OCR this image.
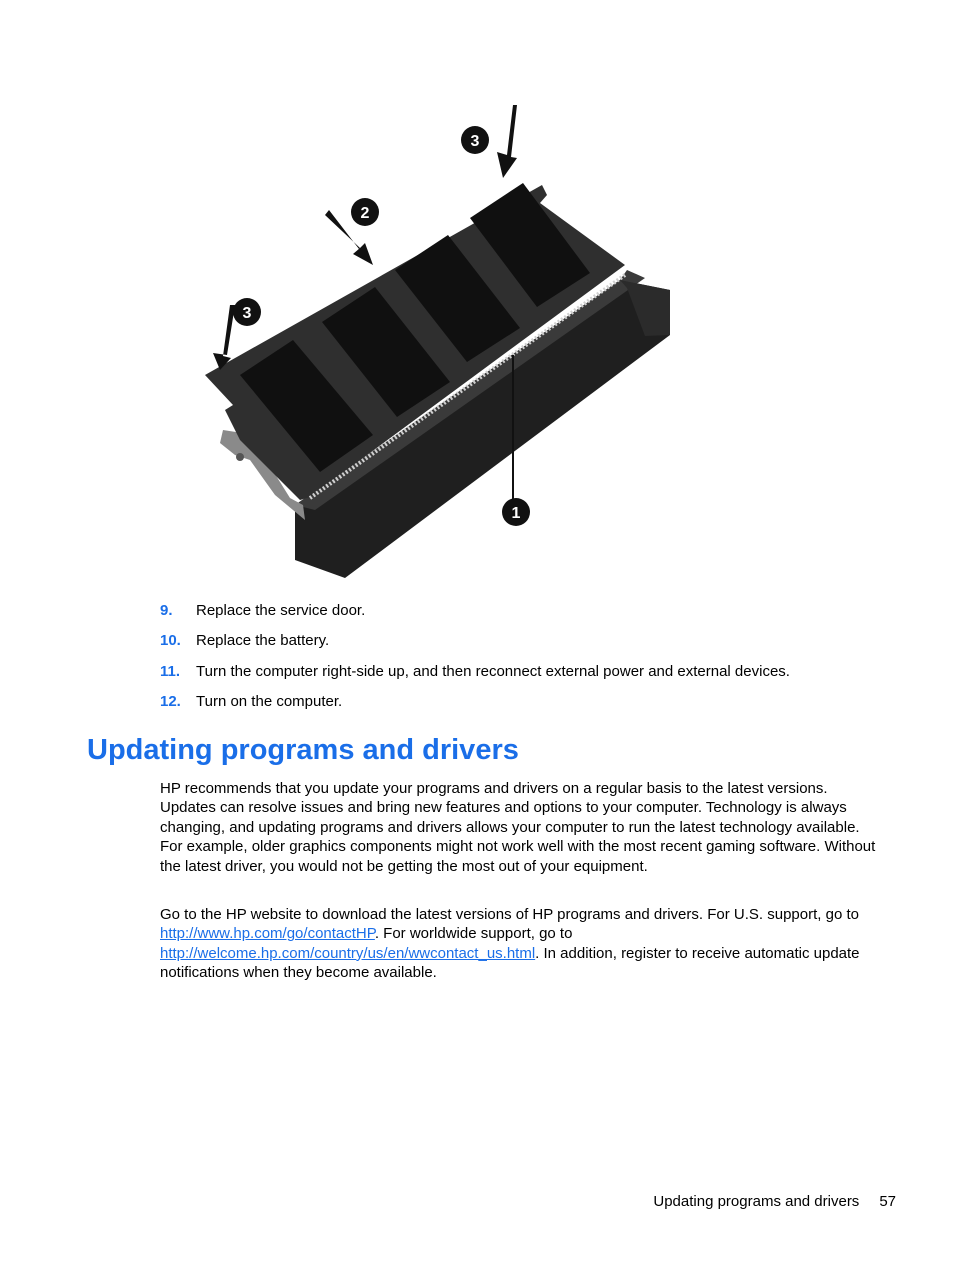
1
2
3
3
9. Replace the service door.
10. Replace the battery.
11. Turn the computer right-side up, and then reconnect external power and external devices.
12. Turn on the computer.
Updating programs and drivers

HP recommends that you update your programs and drivers on a regular basis to the latest versions. Updates can resolve issues and bring new features and options to your computer. Technology is always changing, and updating programs and drivers allows your computer to run the latest technology available. For example, older graphics components might not work well with the most recent gaming software. Without the latest driver, you would not be getting the most out of your equipment.

Go to the HP website to download the latest versions of HP programs and drivers. For U.S. support, go to http://www.hp.com/go/contactHP. For worldwide support, go to http://welcome.hp.com/country/us/en/wwcontact_us.html. In addition, register to receive automatic update notifications when they become available.

Updating programs and drivers 57
